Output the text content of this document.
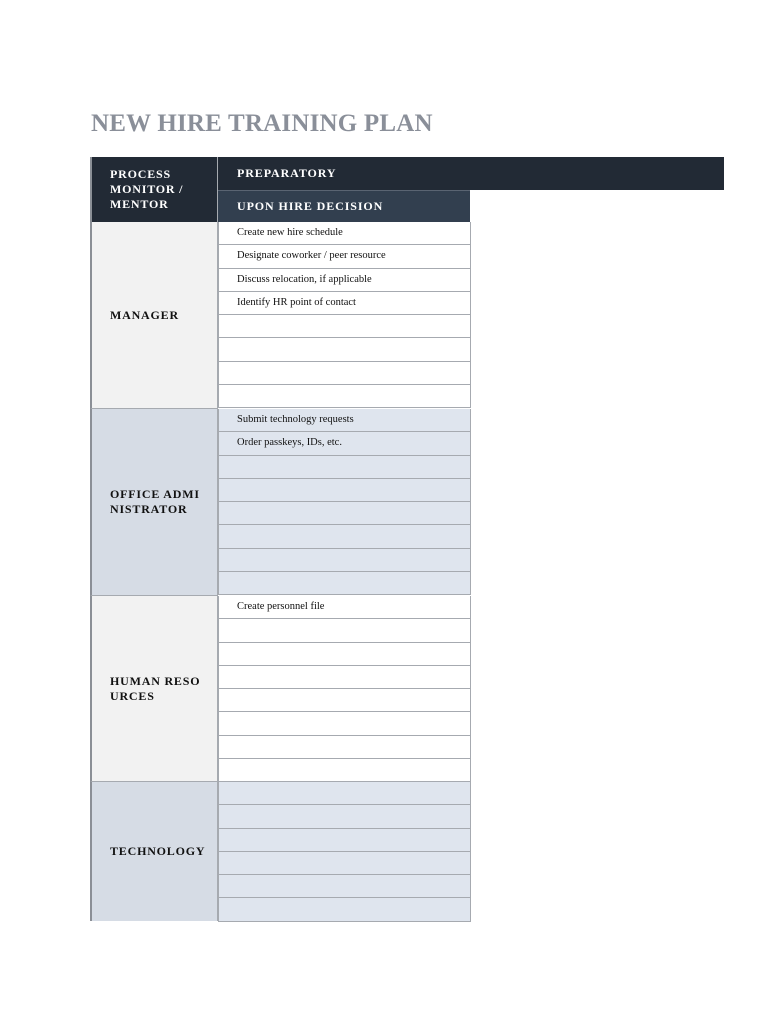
NEW HIRE TRAINING PLAN
PROCESS MONITOR / MENTOR
PREPARATORY
UPON HIRE DECISION
MANAGER
Create new hire schedule
Designate coworker / peer resource
Discuss relocation, if applicable
Identify HR point of contact
OFFICE ADMINISTRATOR
Submit technology requests
Order passkeys, IDs, etc.
HUMAN RESOURCES
Create personnel file
TECHNOLOGY
